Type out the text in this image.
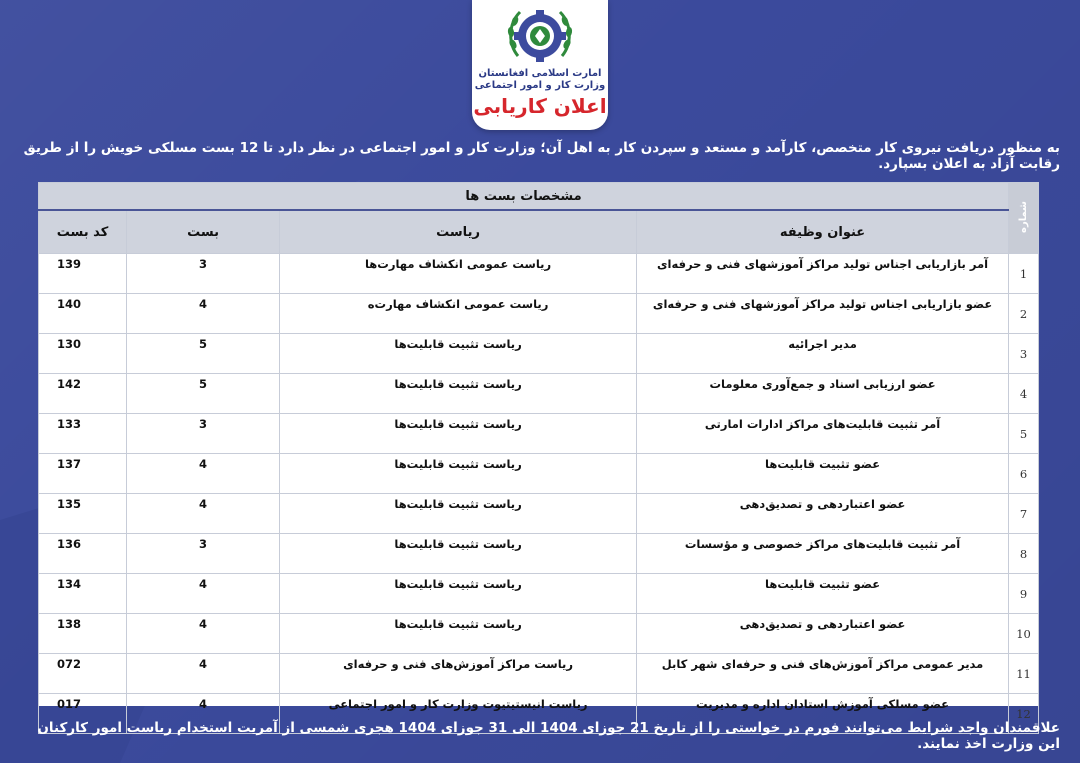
امارت اسلامی افغانستان
وزارت کار و امور اجتماعی
اعلان کاریابی
به منظور دریافت نیروی کار متخصص، کارآمد و مستعد و سپردن کار به اهل آن؛ وزارت کار و امور اجتماعی در نظر دارد تا 12 بست مسلکی خویش را از طریق رقابت آزاد به اعلان بسپارد.
شماره	مشخصات بست ها			
	عنوان وظیفه	ریاست	بست	کد بست
1	آمر بازاریابی اجناس تولید مراکز آموزشهای فنی و حرفه‌ای	ریاست عمومی انکشاف مهارت‌ها	3	139
2	عضو بازاریابی اجناس تولید مراکز آموزشهای فنی و حرفه‌ای	ریاست عمومی انکشاف مهارت‌ه	4	140
3	مدیر اجرائیه	ریاست تثبیت قابلیت‌ها	5	130
4	عضو ارزیابی اسناد و جمع‌آوری معلومات	ریاست تثبیت قابلیت‌ها	5	142
5	آمر تثبیت قابلیت‌های مراکز ادارات امارتی	ریاست تثبیت قابلیت‌ها	3	133
6	عضو تثبیت قابلیت‌ها	ریاست تثبیت قابلیت‌ها	4	137
7	عضو اعتباردهی و تصدیق‌دهی	ریاست تثبیت قابلیت‌ها	4	135
8	آمر تثبیت قابلیت‌های مراکز خصوصی و مؤسسات	ریاست تثبیت قابلیت‌ها	3	136
9	عضو تثبیت قابلیت‌ها	ریاست تثبیت قابلیت‌ها	4	134
10	عضو اعتباردهی و تصدیق‌دهی	ریاست تثبیت قابلیت‌ها	4	138
11	مدیر عمومی مراکز آموزش‌های فنی و حرفه‌ای شهر کابل	ریاست مراکز آموزش‌های فنی و حرفه‌ای	4	072
12	عضو مسلکی آموزش استادان اداره و مدیریت	ریاست انیستیتیوت وزارت کار و امور اجتماعی	4	017
علاقمندان واجد شرایط می‌توانند فورم در خواستی را از تاریخ 21 جوزای 1404 الی 31 جوزای 1404 هجری شمسی از آمریت استخدام ریاست امور کارکنان این وزارت اخذ نمایند.
